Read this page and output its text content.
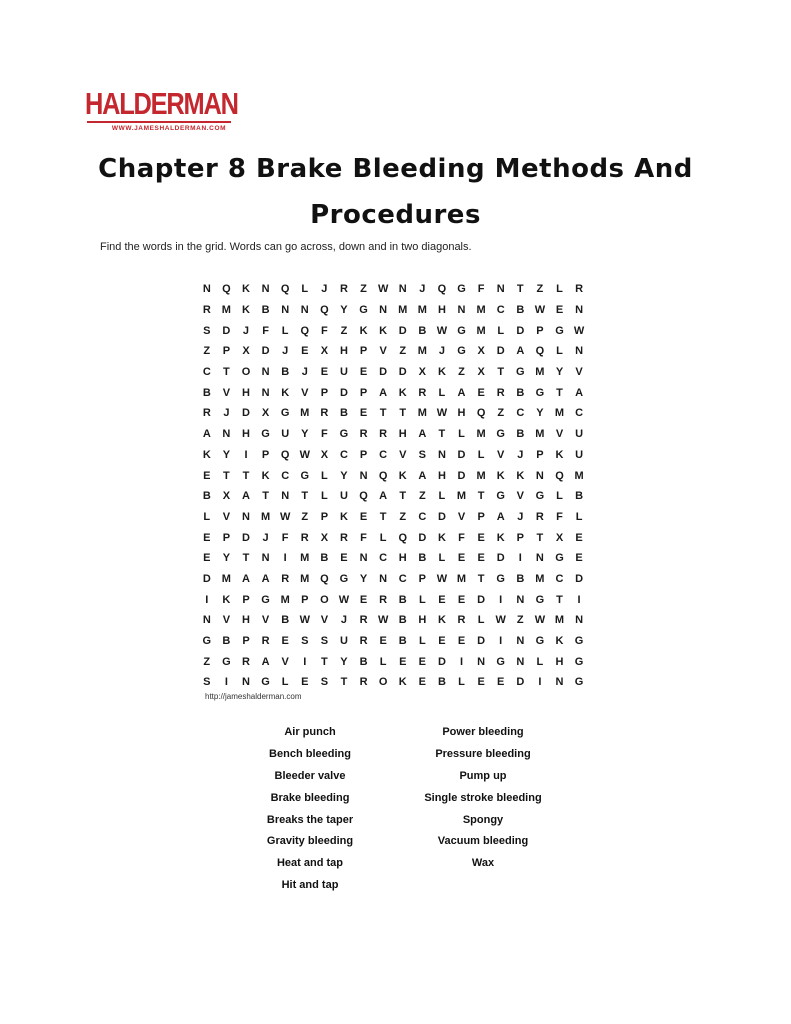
HALDERMAN
WWW.JAMESHALDERMAN.COM
Chapter 8 Brake Bleeding Methods And
Procedures
Find the words in the grid. Words can go across, down and in two diagonals.
N	Q	K	N	Q	L	J	R	Z	W N	J	Q	G	F	N	T	Z	L	R
R	M	K	B	N	N	Q	Y	G	N	M M	H	N	M	C	B W E	N
S	D	J	F	L	Q	F	Z	K	K	D	B W G M	L	D	P	G W
Z	P	X	D	J	E	X	H	P	V	Z	M	J	G	X	D	A	Q	L	N
C	T	O	N	B	J	E	U	E	D	D	X	K	Z	X	T	G M	Y	V
B	V	H	N	K	V	P	D	P	A	K	R	L	A	E	R	B	G	T	A
R	J	D	X	G M	R	B	E	T	T	M W H	Q	Z	C	Y	M	C
A	N	H	G	U	Y	F	G	R	R	H	A	T	L	M G	B	M	V	U
K	Y	I	P	Q W X	C	P	C	V	S	N	D	L	V	J	P	K	U
E	T	T	K	C	G	L	Y	N	Q	K	A	H	D	M	K	K	N	Q M
B	X	A	T	N	T	L	U	Q	A	T	Z	L	M	T	G	V	G	L	B
L	V	N	M W	Z	P	K	E	T	Z	C	D	V	P	A	J	R	F	L
E	P	D	J	F	R	X	R	F	L	Q	D	K	F	E	K	P	T	X	E
E	Y	T	N	I	M	B	E	N	C	H	B	L	E	E	D	I	N	G	E
D	M	A	A	R	M Q	G	Y	N	C	P W M	T	G	B	M	C	D
I	K	P	G M	P	O W E	R	B	L	E	E	D	I	N	G	T	I
N	V	H	V	B W V	J	R W B	H	K	R	L	W	Z	W M	N
G	B	P	R	E	S	S	U	R	E	B	L	E	E	D	I	N	G	K	G
Z	G	R	A	V	I	T	Y	B	L	E	E	D	I	N	G	N	L	H	G
S	I	N	G	L	E	S	T	R	O	K	E	B	L	E	E	D	I	N	G
http://jameshalderman.com
Air punch
Bench bleeding
Bleeder valve
Brake bleeding
Breaks the taper
Gravity bleeding
Heat and tap
Hit and tap
Power bleeding
Pressure bleeding
Pump up
Single stroke bleeding
Spongy
Vacuum bleeding
Wax
